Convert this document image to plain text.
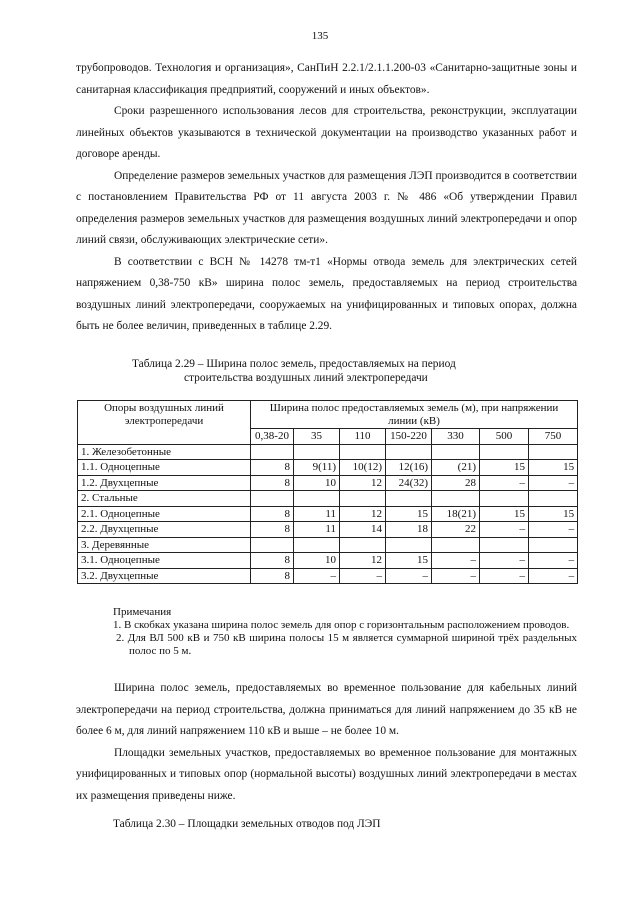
135

трубопроводов. Технология и организация», СанПиН 2.2.1/2.1.1.200-03 «Санитарно-защитные зоны и санитарная классификация предприятий, сооружений и иных объектов».

Сроки разрешенного использования лесов для строительства, реконструкции, эксплуатации линейных объектов указываются в технической документации на производство указанных работ и договоре аренды.

Определение размеров земельных участков для размещения ЛЭП производится в соответствии с постановлением Правительства РФ от 11 августа 2003 г. № 486 «Об утверждении Правил определения размеров земельных участков для размещения воздушных линий электропередачи и опор линий связи, обслуживающих электрические сети».

В соответствии с ВСН № 14278 тм-т1 «Нормы отвода земель для электрических сетей напряжением 0,38-750 кВ» ширина полос земель, предоставляемых на период строительства воздушных линий электропередачи, сооружаемых на унифицированных и типовых опорах, должна быть не более величин, приведенных в таблице 2.29.

Таблица 2.29 – Ширина полос земель, предоставляемых на период
строительства воздушных линий электропередачи
Опоры воздушных линий электропередачи	Ширина полос предоставляемых земель (м), при напряжении линии (кВ)						
	0,38-20	35	110	150-220	330	500	750
1. Железобетонные							
1.1. Одноцепные	8	9(11)	10(12)	12(16)	(21)	15	15
1.2. Двухцепные	8	10	12	24(32)	28	–	–
2. Стальные							
2.1. Одноцепные	8	11	12	15	18(21)	15	15
2.2. Двухцепные	8	11	14	18	22	–	–
3. Деревянные							
3.1. Одноцепные	8	10	12	15	–	–	–
3.2. Двухцепные	8	–	–	–	–	–	–
Примечания
1. В скобках указана ширина полос земель для опор с горизонтальным расположением проводов.
2. Для ВЛ 500 кВ и 750 кВ ширина полосы 15 м является суммарной шириной трёх раздельных полос по 5 м.

Ширина полос земель, предоставляемых во временное пользование для кабельных линий электропередачи на период строительства, должна приниматься для линий напряжением до 35 кВ не более 6 м, для линий напряжением 110 кВ и выше – не более 10 м.

Площадки земельных участков, предоставляемых во временное пользование для монтажных унифицированных и типовых опор (нормальной высоты) воздушных линий электропередачи в местах их размещения приведены ниже.

Таблица 2.30 – Площадки земельных отводов под ЛЭП
